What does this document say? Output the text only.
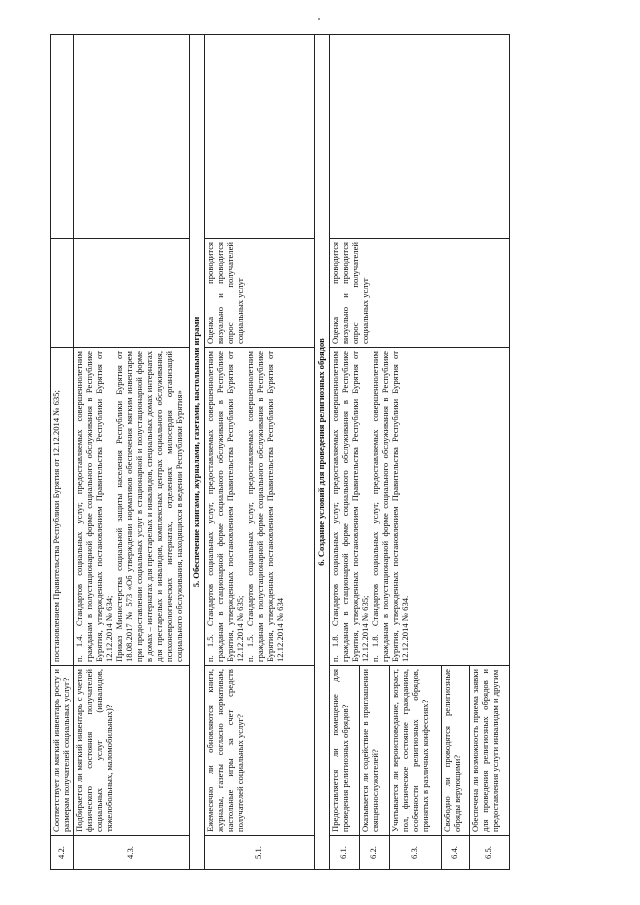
4.2.	Соответствует ли мягкий инвентарь росту и размерам получателей социальных услуг?	постановлением Правительства Республики Бурятия от 12.12.2014 № 635;		
4.3.	Подбирается ли мягкий инвентарь с учетом физического состояния получателей социальных услуг (инвалидов, тяжелобольных, маломобильных)?	п. 1.4. Стандартов социальных услуг, предоставляемых совершеннолетним гражданам в полустационарной форме социального обслуживания в Республике Бурятия, утвержденных постановлением Правительства Республики Бурятия от 12.12.2014 № 634;
Приказ Министерства социальной защиты населения Республики Бурятия от 18.08.2017 № 573 «Об утверждении нормативов обеспечения мягким инвентарем при предоставлении социальных услуг в стационарной и полустационарной форме в домах – интернатах для престарелых и инвалидов, специальных домах интернатах для престарелых и инвалидов, комплексных центрах социального обслуживания, психоневрологических интернатах, отделениях милосердия организаций социального обслуживания, находящихся в ведении Республики Бурятия»		
5. Обеспечение книгами, журналами, газетами, настольными играми				
5.1.	Ежемесячно ли обновляются книги, журналы, газеты согласно нормативам, настольные игры за счет средств получателей социальных услуг?	п. 1.5. Стандартов социальных услуг, предоставляемых совершеннолетним гражданам в стационарной форме социального обслуживания в Республике Бурятия, утвержденных постановлением Правительства Республики Бурятия от 12.12.2014 № 635;
п. 1.5. Стандартов социальных услуг, предоставляемых совершеннолетним гражданам в полустационарной форме социального обслуживания в Республике Бурятия, утвержденных постановлением Правительства Республики Бурятия от 12.12.2014 № 634	Оценка проводится визуально и проводится опрос получателей социальных услуг	
6. Создание условий для проведения религиозных обрядов				
6.1.	Предоставляется ли помещение для проведения религиозных обрядов?	п. 1.8. Стандартов социальных услуг, предоставляемых совершеннолетним гражданам в стационарной форме социального обслуживания в Республике Бурятия, утвержденных постановлением Правительства Республики Бурятия от 12.12.2014 № 635;
п. 1.8. Стандартов социальных услуг, предоставляемых совершеннолетним гражданам в полустационарной форме социального обслуживания в Республике Бурятия, утвержденных постановлением Правительства Республики Бурятия от 12.12.2014 № 634.	Оценка проводится визуально и проводится опрос получателей социальных услуг	
6.2.	Оказывается ли содействие в приглашении священнослужителей?			
6.3.	Учитывается ли вероисповедание, возраст, пол, физическое состояние гражданина, особенности религиозных обрядов, принятых в различных конфессиях?			
6.4.	Свободно ли проводятся религиозные обряды верующими?			
6.5.	Обеспечена ли возможность приема заявки для проведения религиозных обрядов и предоставления услуги инвалидам и другим			
